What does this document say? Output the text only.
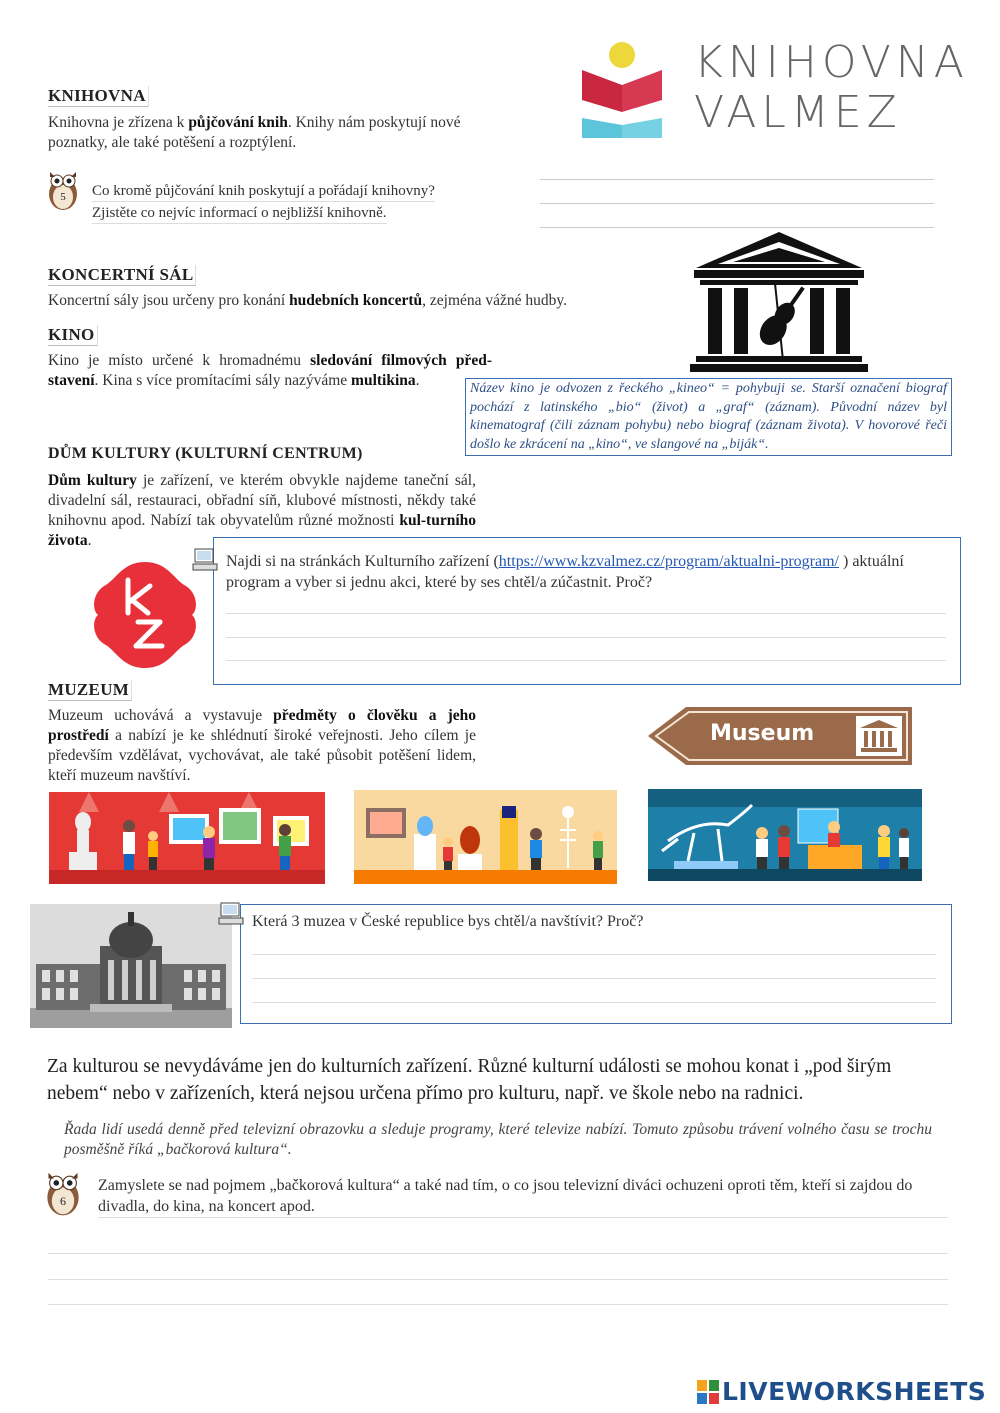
KNIHOVNA
Knihovna je zřízena k půjčování knih. Knihy nám poskytují nové poznatky, ale také potěšení a rozptýlení.
KNIHOVNA
VALMEZ
5	Co kromě půjčování knih poskytují a pořádají knihovny?
Zjistěte co nejvíc informací o nejbližší knihovně.
KONCERTNÍ SÁL
Koncertní sály jsou určeny pro konání hudebních koncertů, zejména vážné hudby.
KINO
Kino je místo určené k hromadnému sledování filmových před-stavení. Kina s více promítacími sály nazýváme multikina.	Název kino je odvozen z řeckého „kineo“ = pohybuji se. Starší označení biograf pochází z latinského „bio“ (život) a „graf“ (záznam). Původní název byl kinematograf (čili záznam pohybu) nebo biograf (záznam života). V hovorové řeči došlo ke zkrácení na „kino“, ve slangové na „biják“.
DŮM KULTURY (KULTURNÍ CENTRUM)
Dům kultury je zařízení, ve kterém obvykle najdeme taneční sál, divadelní sál, restauraci, obřadní síň, klubové místnosti, někdy také knihovnu apod. Nabízí tak obyvatelům různé možnosti kul-turního života.
Najdi si na stránkách Kulturního zařízení (https://www.kzvalmez.cz/program/aktualni-program/ ) aktuální program a vyber si jednu akci, které by ses chtěl/a zúčastnit. Proč?
MUZEUM
Muzeum uchovává a vystavuje předměty o člověku a jeho prostředí a nabízí je ke shlédnutí široké veřejnosti. Jeho cílem je především vzdělávat, vychovávat, ale také působit potěšení lidem, kteří muzeum navštíví.
Museum
Která 3 muzea v České republice bys chtěl/a navštívit? Proč?
Za kulturou se nevydáváme jen do kulturních zařízení. Různé kulturní události se mohou konat i „pod širým nebem“ nebo v zařízeních, která nejsou určena přímo pro kulturu, např. ve škole nebo na radnici.
Řada lidí usedá denně před televizní obrazovku a sleduje programy, které televize nabízí. Tomuto způsobu trávení volného času se trochu posměšně říká „bačkorová kultura“.
6
Zamyslete se nad pojmem „bačkorová kultura“ a také nad tím, o co jsou televizní diváci ochuzeni oproti těm, kteří si zajdou do divadla, do kina, na koncert apod.
LIVEWORKSHEETS
